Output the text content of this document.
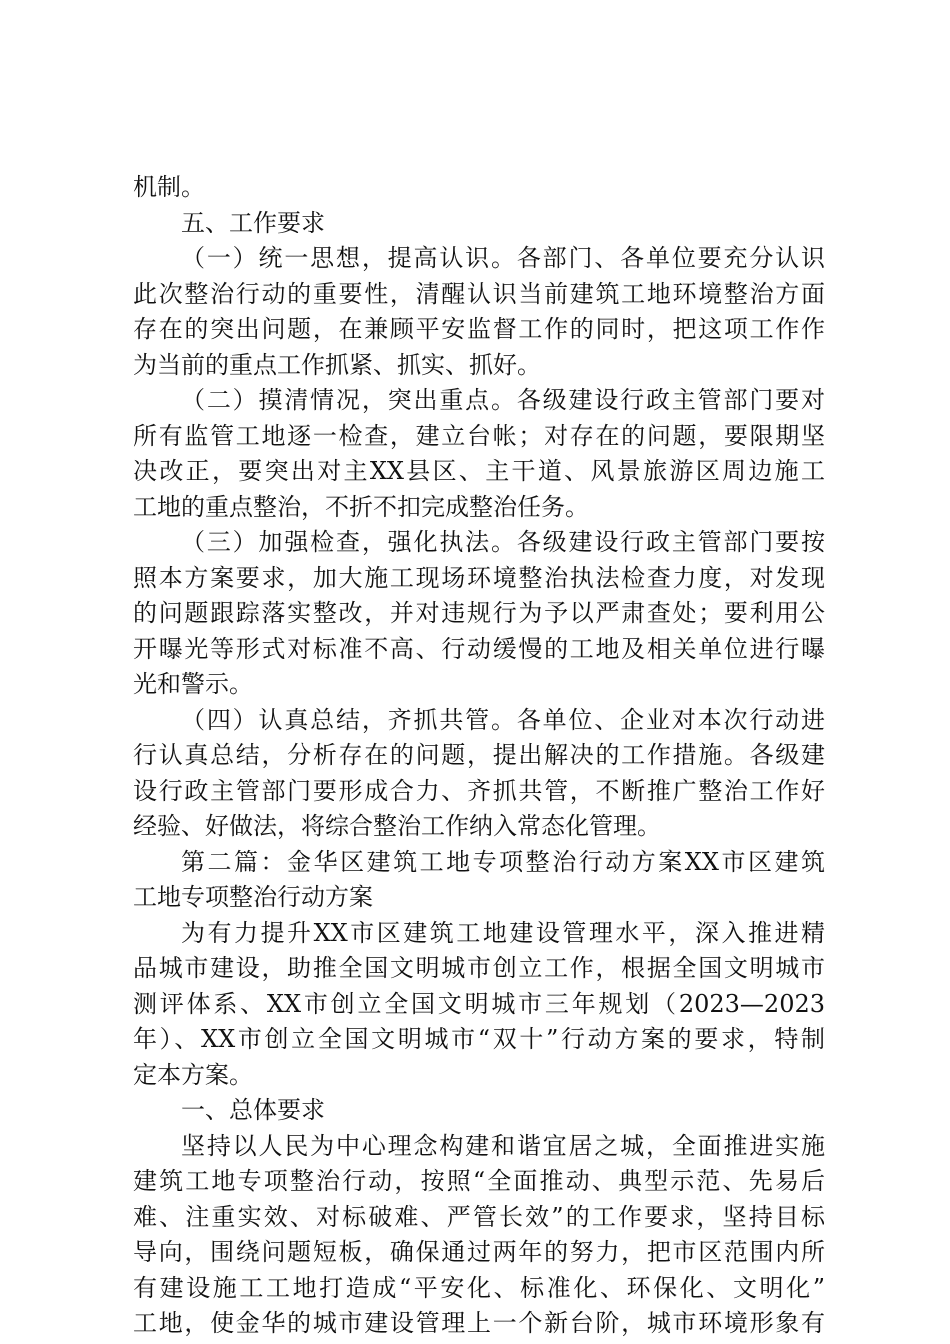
机制。
五、工作要求
（一）统一思想，提高认识。各部门、各单位要充分认识
此次整治行动的重要性，清醒认识当前建筑工地环境整治方面
存在的突出问题，在兼顾平安监督工作的同时，把这项工作作
为当前的重点工作抓紧、抓实、抓好。
（二）摸清情况，突出重点。各级建设行政主管部门要对
所有监管工地逐一检查，建立台帐；对存在的问题，要限期坚
决改正，要突出对主XX县区、主干道、风景旅游区周边施工
工地的重点整治，不折不扣完成整治任务。
（三）加强检查，强化执法。各级建设行政主管部门要按
照本方案要求，加大施工现场环境整治执法检查力度，对发现
的问题跟踪落实整改，并对违规行为予以严肃查处；要利用公
开曝光等形式对标准不高、行动缓慢的工地及相关单位进行曝
光和警示。
（四）认真总结，齐抓共管。各单位、企业对本次行动进
行认真总结，分析存在的问题，提出解决的工作措施。各级建
设行政主管部门要形成合力、齐抓共管，不断推广整治工作好
经验、好做法，将综合整治工作纳入常态化管理。
第二篇：金华区建筑工地专项整治行动方案XX市区建筑
工地专项整治行动方案
为有力提升XX市区建筑工地建设管理水平，深入推进精
品城市建设，助推全国文明城市创立工作，根据全国文明城市
测评体系、XX市创立全国文明城市三年规划（2023—2023
年）、XX市创立全国文明城市“双十”行动方案的要求，特制
定本方案。
一、总体要求
坚持以人民为中心理念构建和谐宜居之城，全面推进实施
建筑工地专项整治行动，按照“全面推动、典型示范、先易后
难、注重实效、对标破难、严管长效”的工作要求，坚持目标
导向，围绕问题短板，确保通过两年的努力，把市区范围内所
有建设施工工地打造成“平安化、标准化、环保化、文明化”
工地，使金华的城市建设管理上一个新台阶，城市环境形象有
